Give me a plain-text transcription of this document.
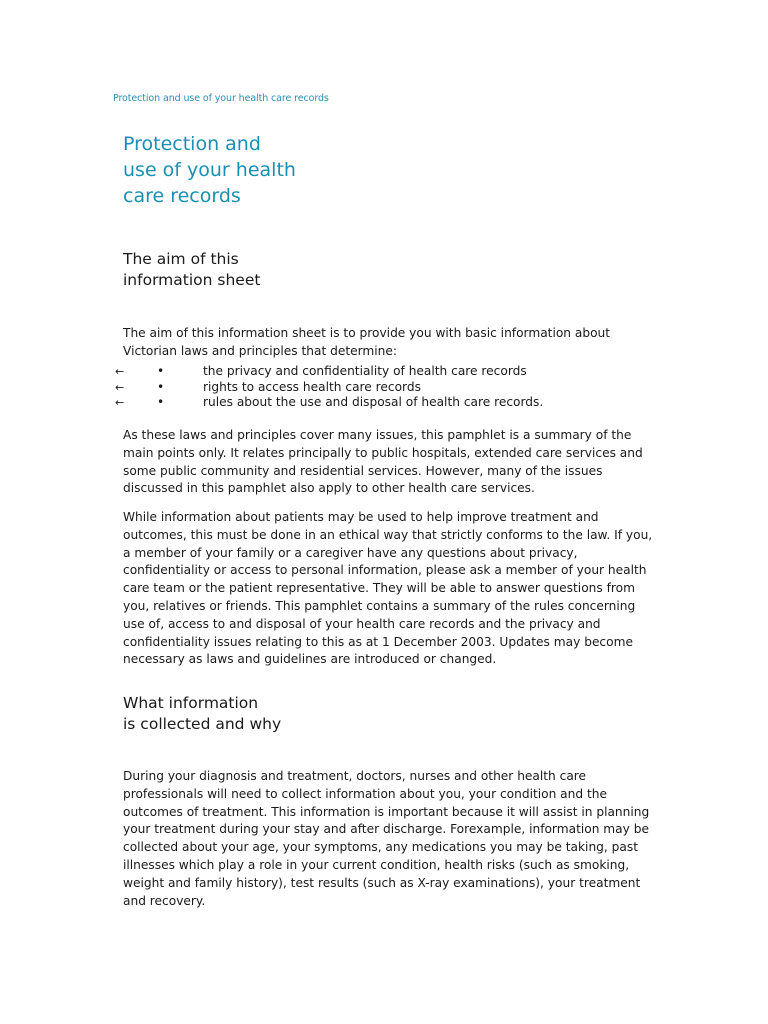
Protection and use of your health care records
Protection and
use of your health
care records
The aim of this
information sheet

The aim of this information sheet is to provide you with basic information about Victorian laws and principles that determine:

←	•	the privacy and confidentiality of health care records
←	•	rights to access health care records
←	•	rules about the use and disposal of health care records.

As these laws and principles cover many issues, this pamphlet is a summary of the main points only. It relates principally to public hospitals, extended care services and some public community and residential services. However, many of the issues discussed in this pamphlet also apply to other health care services.

While information about patients may be used to help improve treatment and outcomes, this must be done in an ethical way that strictly conforms to the law. If you, a member of your family or a caregiver have any questions about privacy, confidentiality or access to personal information, please ask a member of your health care team or the patient representative. They will be able to answer questions from you, relatives or friends. This pamphlet contains a summary of the rules concerning use of, access to and disposal of your health care records and the privacy and confidentiality issues relating to this as at 1 December 2003. Updates may become necessary as laws and guidelines are introduced or changed.

What information
is collected and why

During your diagnosis and treatment, doctors, nurses and other health care professionals will need to collect information about you, your condition and the outcomes of treatment. This information is important because it will assist in planning your treatment during your stay and after discharge. Forexample, information may be collected about your age, your symptoms, any medications you may be taking, past illnesses which play a role in your current condition, health risks (such as smoking, weight and family history), test results (such as X-ray examinations), your treatment and recovery.
